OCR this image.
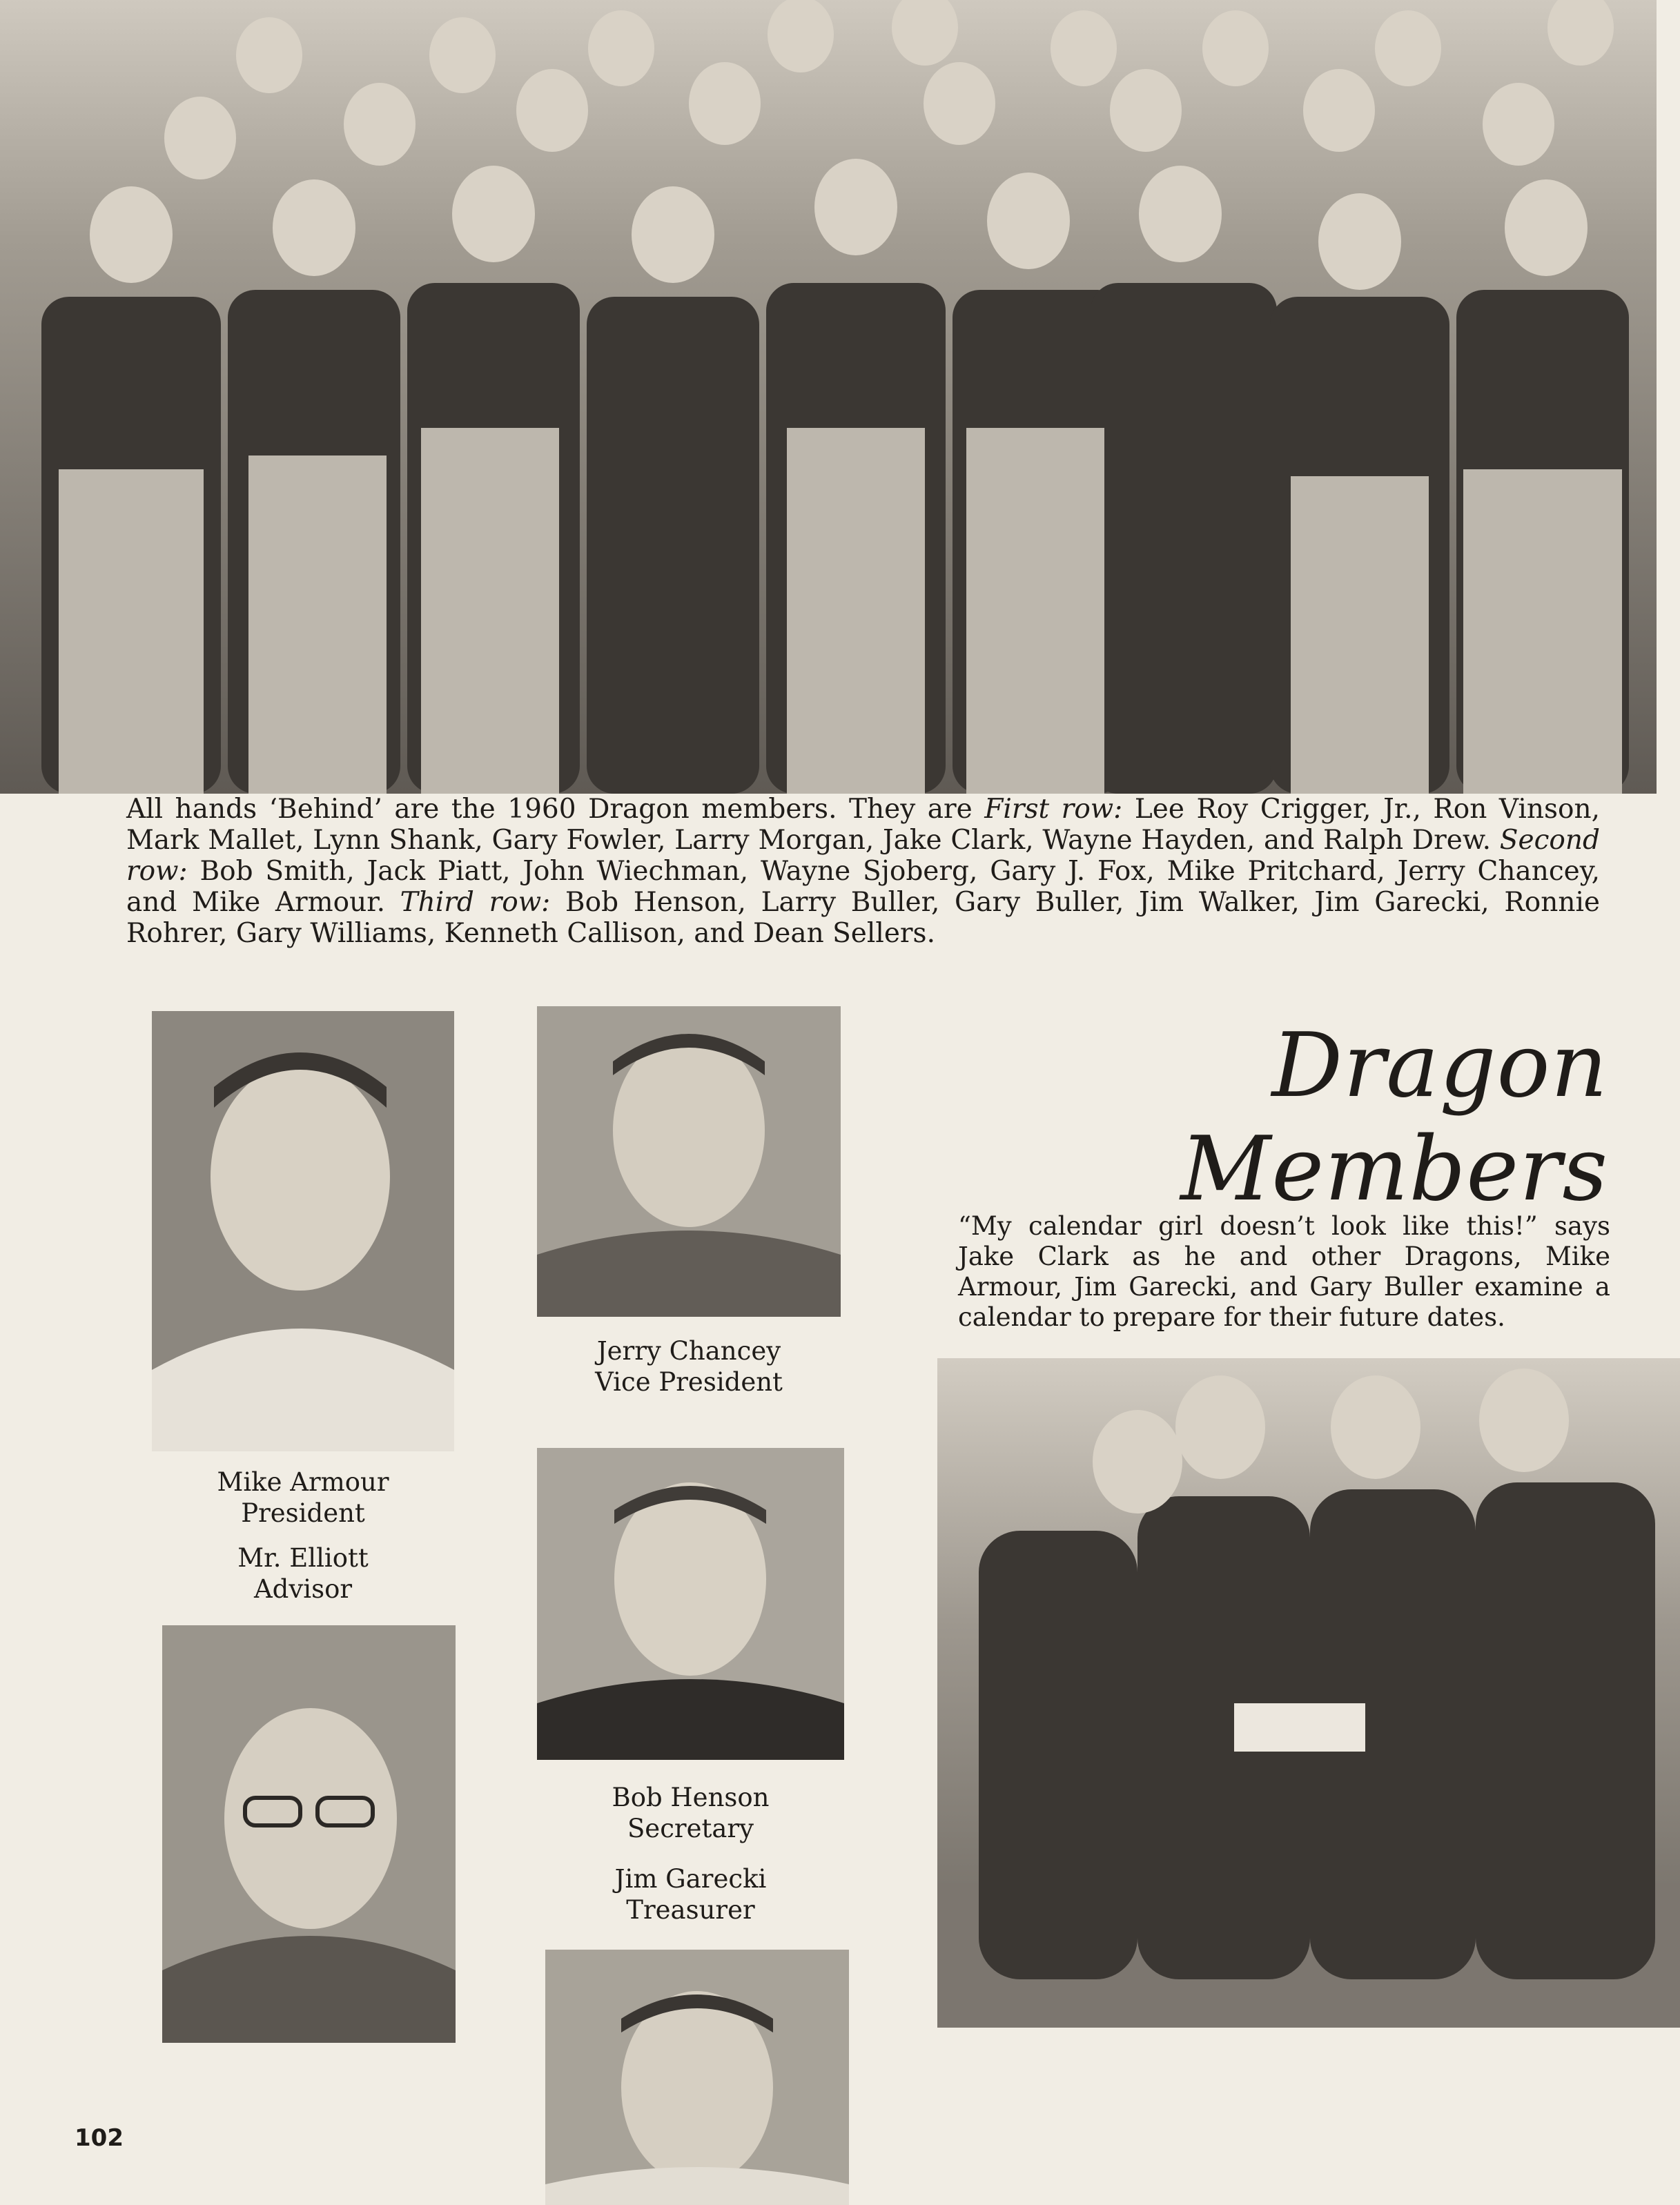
All hands ‘Behind’ are the 1960 Dragon members. They are First row: Lee Roy Crigger, Jr., Ron Vinson, Mark Mallet, Lynn Shank, Gary Fowler, Larry Morgan, Jake Clark, Wayne Hayden, and Ralph Drew. Second row: Bob Smith, Jack Piatt, John Wiechman, Wayne Sjoberg, Gary J. Fox, Mike Pritchard, Jerry Chancey, and Mike Armour. Third row: Bob Henson, Larry Buller, Gary Buller, Jim Walker, Jim Garecki, Ronnie Rohrer, Gary Williams, Kenneth Callison, and Dean Sellers.

Mike Armour
President
Mr. Elliott
Advisor
Jerry Chancey
Vice President
Bob Henson
Secretary
Jim Garecki
Treasurer
Dragon Members

“My calendar girl doesn’t look like this!” says Jake Clark as he and other Dragons, Mike Armour, Jim Garecki, and Gary Buller examine a calendar to prepare for their future dates.

102
